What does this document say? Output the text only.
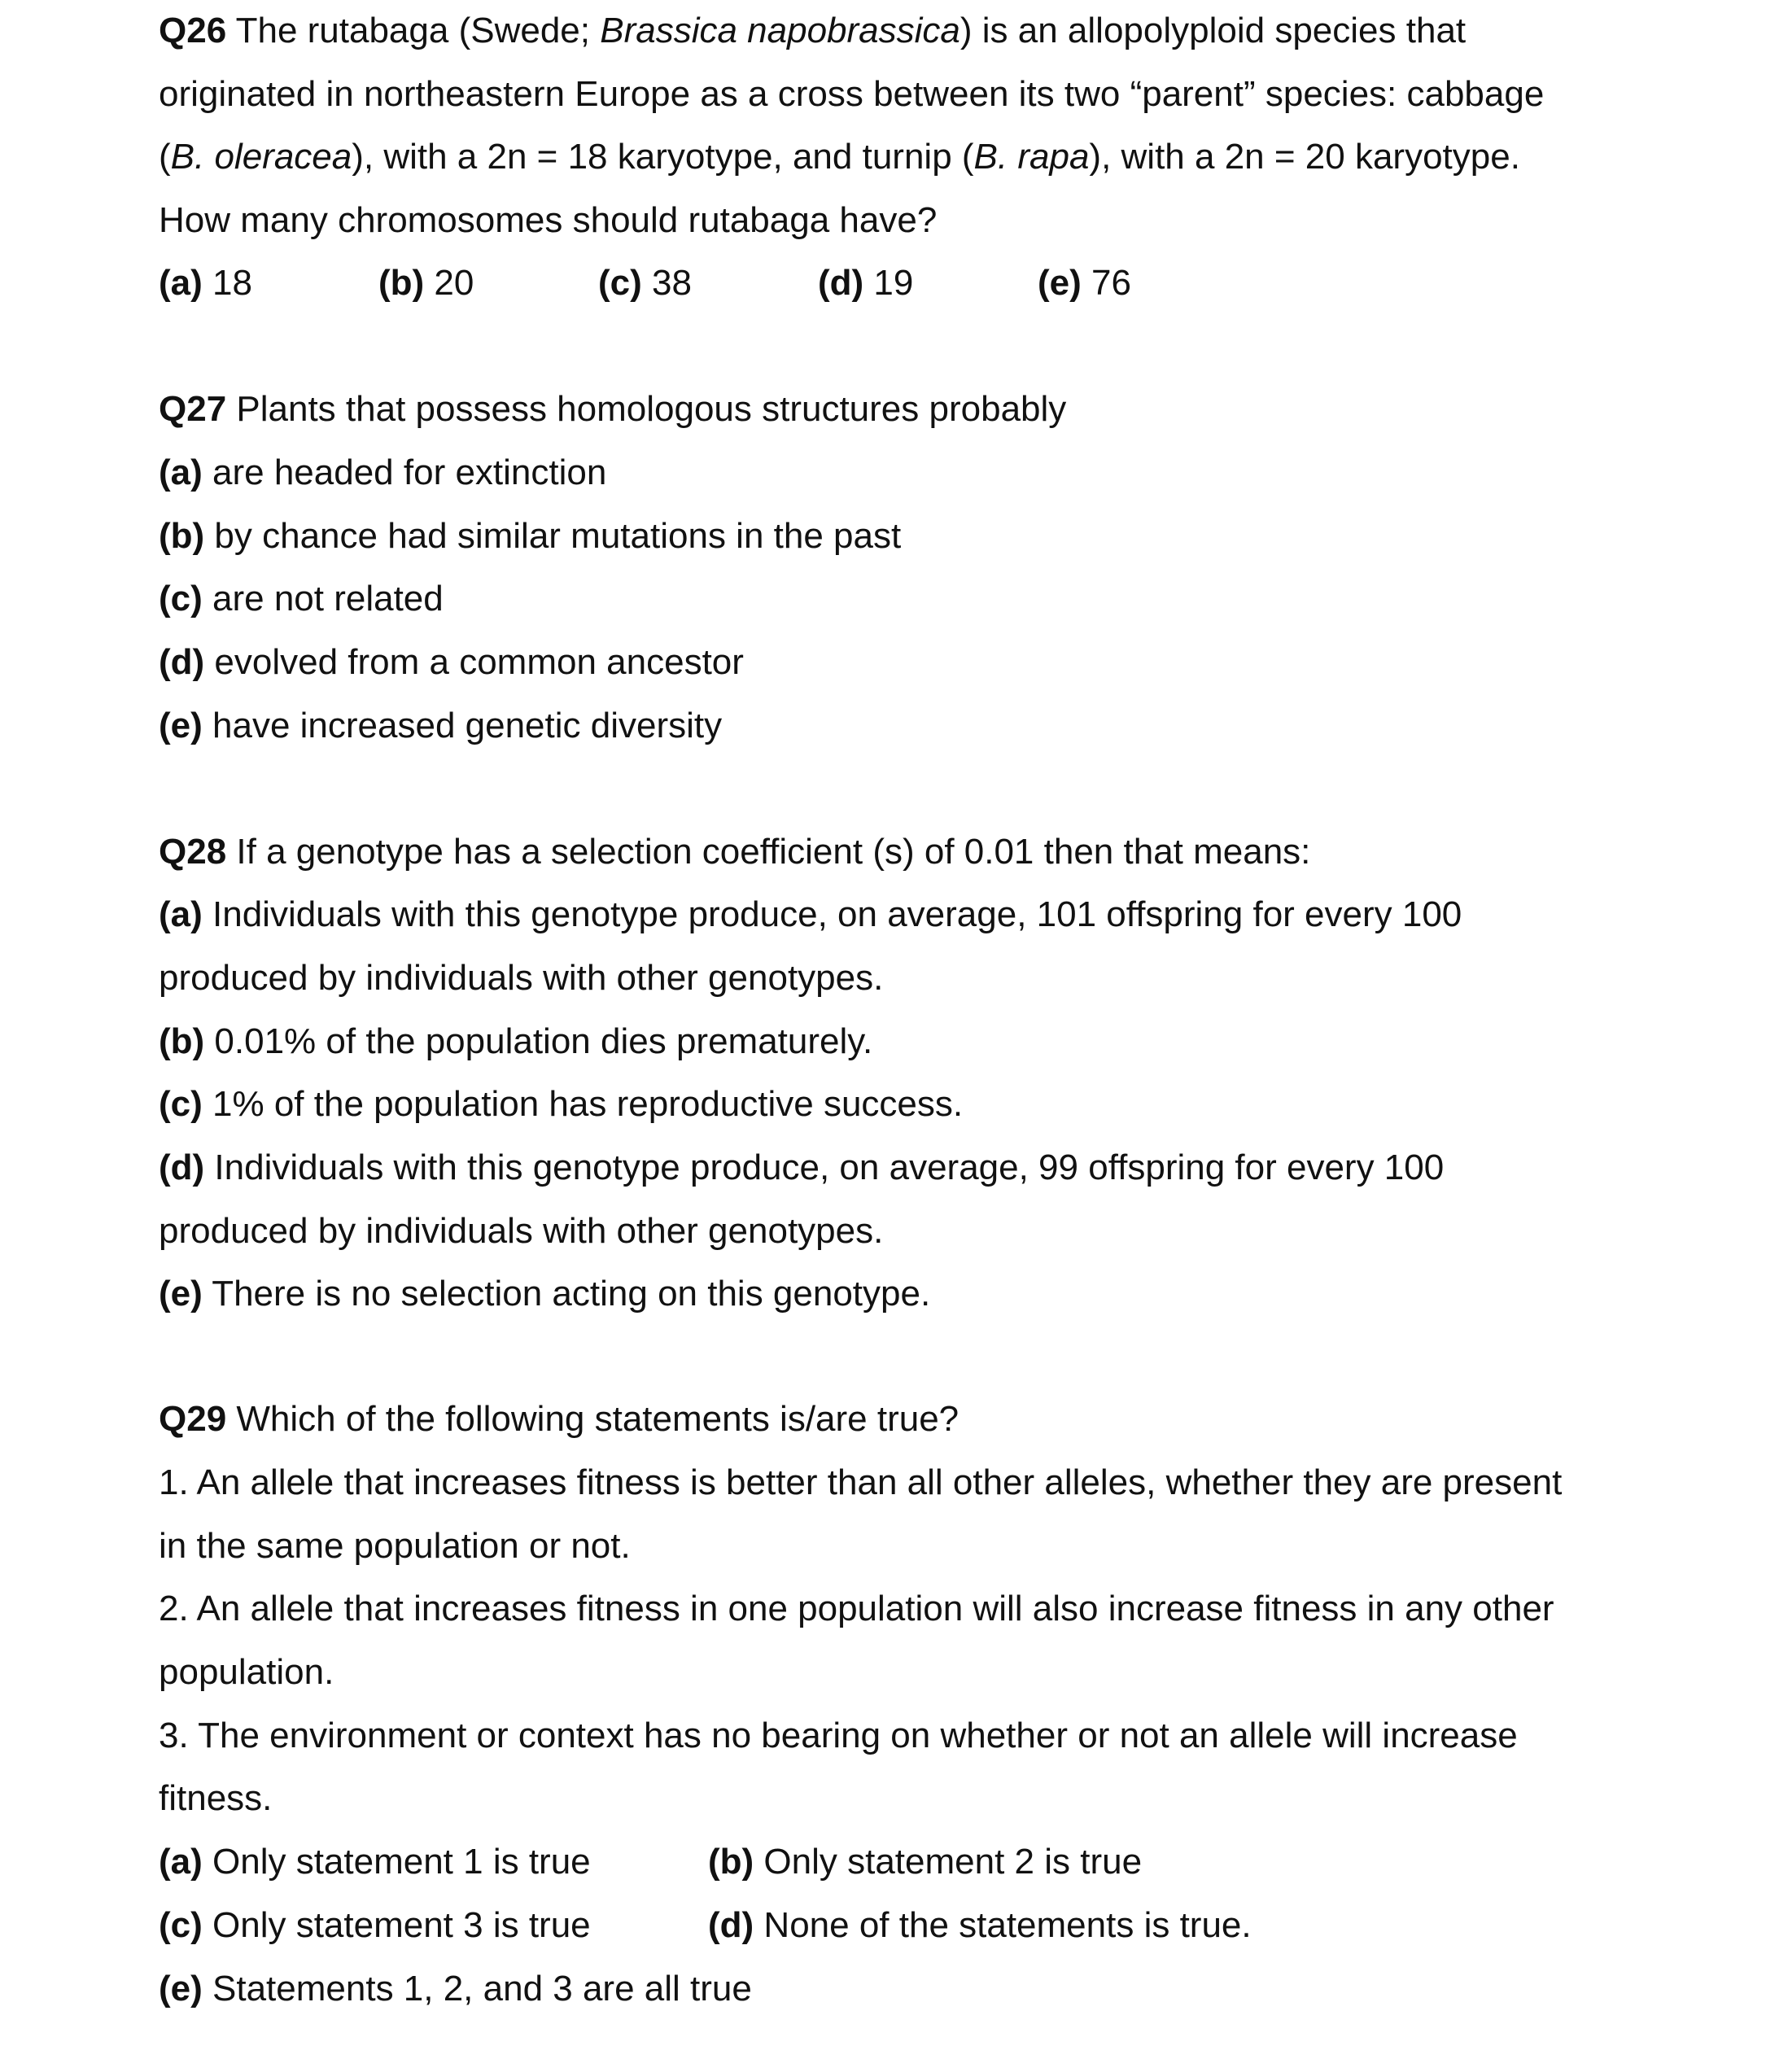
Q26 The rutabaga (Swede; Brassica napobrassica) is an allopolyploid species that
originated in northeastern Europe as a cross between its two “parent” species: cabbage
(B. oleracea), with a 2n = 18 karyotype, and turnip (B. rapa), with a 2n = 20 karyotype.
How many chromosomes should rutabaga have?
(a) 18	(b) 20	(c) 38	(d) 19	(e) 76
Q27 Plants that possess homologous structures probably
(a) are headed for extinction
(b) by chance had similar mutations in the past
(c) are not related
(d) evolved from a common ancestor
(e) have increased genetic diversity
Q28 If a genotype has a selection coefficient (s) of 0.01 then that means:
(a) Individuals with this genotype produce, on average, 101 offspring for every 100
produced by individuals with other genotypes.
(b) 0.01% of the population dies prematurely.
(c) 1% of the population has reproductive success.
(d) Individuals with this genotype produce, on average, 99 offspring for every 100
produced by individuals with other genotypes.
(e) There is no selection acting on this genotype.
Q29 Which of the following statements is/are true?
1. An allele that increases fitness is better than all other alleles, whether they are present
in the same population or not.
2. An allele that increases fitness in one population will also increase fitness in any other
population.
3. The environment or context has no bearing on whether or not an allele will increase
fitness.
(a) Only statement 1 is true	(b) Only statement 2 is true
(c) Only statement 3 is true	(d) None of the statements is true.
(e) Statements 1, 2, and 3 are all true
